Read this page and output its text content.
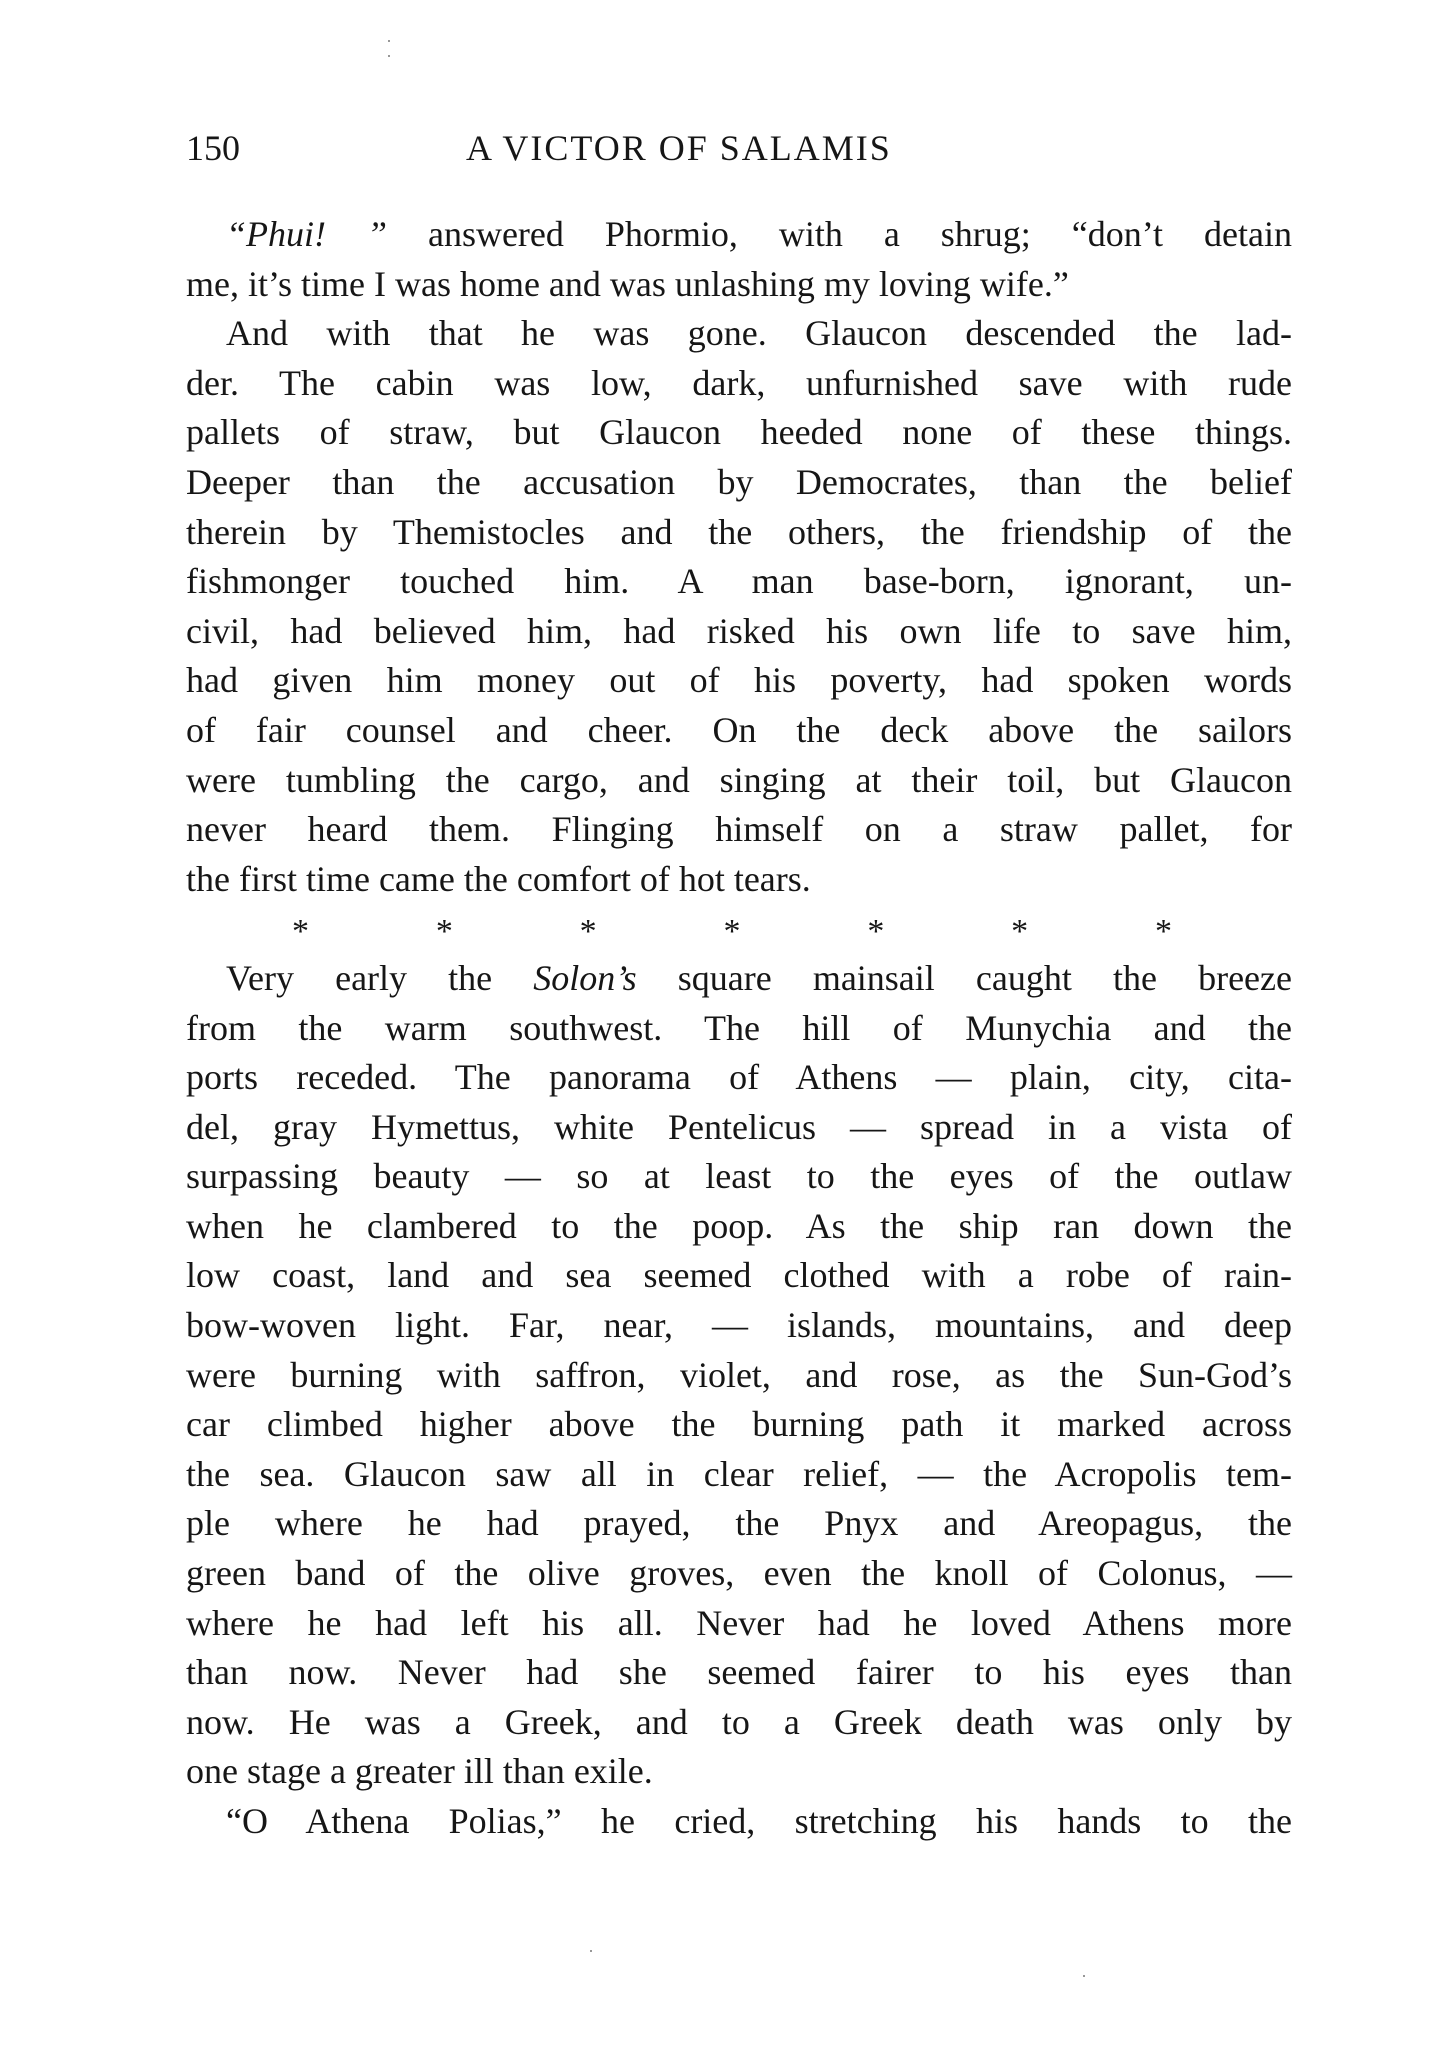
150	A VICTOR OF SALAMIS
“Phui! ” answered Phormio, with a shrug; “don’t detain
me, it’s time I was home and was unlashing my loving wife.”
And with that he was gone. Glaucon descended the lad-
der. The cabin was low, dark, unfurnished save with rude
pallets of straw, but Glaucon heeded none of these things.
Deeper than the accusation by Democrates, than the belief
therein by Themistocles and the others, the friendship of the
fishmonger touched him. A man base-born, ignorant, un-
civil, had believed him, had risked his own life to save him,
had given him money out of his poverty, had spoken words
of fair counsel and cheer. On the deck above the sailors
were tumbling the cargo, and singing at their toil, but Glaucon
never heard them. Flinging himself on a straw pallet, for
the first time came the comfort of hot tears.
*	*	*	*	*	*	*
Very early the Solon’s square mainsail caught the breeze
from the warm southwest. The hill of Munychia and the
ports receded. The panorama of Athens — plain, city, cita-
del, gray Hymettus, white Pentelicus — spread in a vista of
surpassing beauty — so at least to the eyes of the outlaw
when he clambered to the poop. As the ship ran down the
low coast, land and sea seemed clothed with a robe of rain-
bow-woven light. Far, near, — islands, mountains, and deep
were burning with saffron, violet, and rose, as the Sun-God’s
car climbed higher above the burning path it marked across
the sea. Glaucon saw all in clear relief, — the Acropolis tem-
ple where he had prayed, the Pnyx and Areopagus, the
green band of the olive groves, even the knoll of Colonus, —
where he had left his all. Never had he loved Athens more
than now. Never had she seemed fairer to his eyes than
now. He was a Greek, and to a Greek death was only by
one stage a greater ill than exile.
“O Athena Polias,” he cried, stretching his hands to the
